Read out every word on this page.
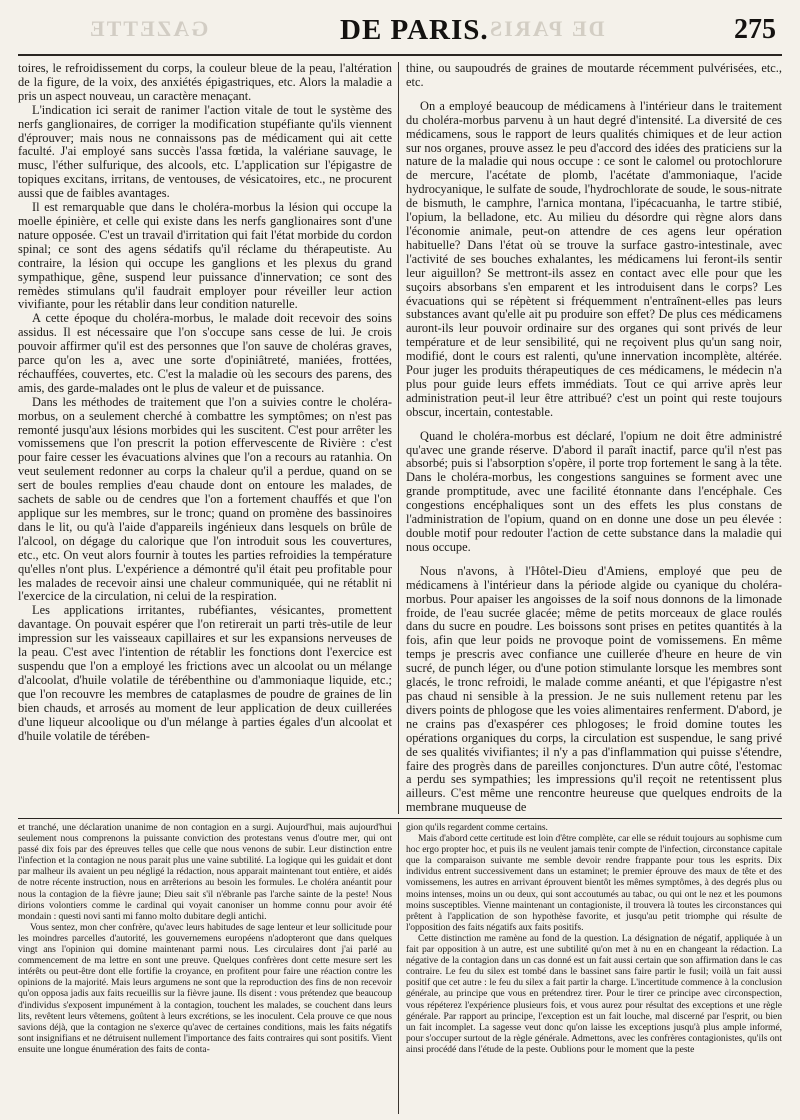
GAZETTE	DE PARIS. DE PARIS	275

toires, le refroidissement du corps, la couleur bleue de la peau, l'altération de la figure, de la voix, des anxiétés épigastriques, etc. Alors la maladie a pris un aspect nouveau, un caractère menaçant.

L'indication ici serait de ranimer l'action vitale de tout le système des nerfs ganglionaires, de corriger la modification stupéfiante qu'ils viennent d'éprouver; mais nous ne connaissons pas de médicament qui ait cette faculté. J'ai employé sans succès l'assa fœtida, la valériane sauvage, le musc, l'éther sulfurique, des alcools, etc. L'application sur l'épigastre de topiques excitans, irritans, de ventouses, de vésicatoires, etc., ne procurent aussi que de faibles avantages.

Il est remarquable que dans le choléra-morbus la lésion qui occupe la moelle épinière, et celle qui existe dans les nerfs ganglionaires sont d'une nature opposée. C'est un travail d'irritation qui fait l'état morbide du cordon spinal; ce sont des agens sédatifs qu'il réclame du thérapeutiste. Au contraire, la lésion qui occupe les ganglions et les plexus du grand sympathique, gêne, suspend leur puissance d'innervation; ce sont des remèdes stimulans qu'il faudrait employer pour réveiller leur action vivifiante, pour les rétablir dans leur condition naturelle.

A cette époque du choléra-morbus, le malade doit recevoir des soins assidus. Il est nécessaire que l'on s'occupe sans cesse de lui. Je crois pouvoir affirmer qu'il est des personnes que l'on sauve de choléras graves, parce qu'on les a, avec une sorte d'opiniâtreté, maniées, frottées, réchauffées, couvertes, etc. C'est la maladie où les secours des parens, des amis, des garde-malades ont le plus de valeur et de puissance.

Dans les méthodes de traitement que l'on a suivies contre le choléra-morbus, on a seulement cherché à combattre les symptômes; on n'est pas remonté jusqu'aux lésions morbides qui les suscitent. C'est pour arrêter les vomissemens que l'on prescrit la potion effervescente de Rivière : c'est pour faire cesser les évacuations alvines que l'on a recours au ratanhia. On veut seulement redonner au corps la chaleur qu'il a perdue, quand on se sert de boules remplies d'eau chaude dont on entoure les malades, de sachets de sable ou de cendres que l'on a fortement chauffés et que l'on applique sur les membres, sur le tronc; quand on promène des bassinoires dans le lit, ou qu'à l'aide d'appareils ingénieux dans lesquels on brûle de l'alcool, on dégage du calorique que l'on introduit sous les couvertures, etc., etc. On veut alors fournir à toutes les parties refroidies la température qu'elles n'ont plus. L'expérience a démontré qu'il était peu profitable pour les malades de recevoir ainsi une chaleur communiquée, qui ne rétablit ni l'exercice de la circulation, ni celui de la respiration.

Les applications irritantes, rubéfiantes, vésicantes, promettent davantage. On pouvait espérer que l'on retirerait un parti très-utile de leur impression sur les vaisseaux capillaires et sur les expansions nerveuses de la peau. C'est avec l'intention de rétablir les fonctions dont l'exercice est suspendu que l'on a employé les frictions avec un alcoolat ou un mélange d'alcoolat, d'huile volatile de térébenthine ou d'ammoniaque liquide, etc.; que l'on recouvre les membres de cataplasmes de poudre de graines de lin bien chauds, et arrosés au moment de leur application de deux cuillerées d'une liqueur alcoolique ou d'un mélange à parties égales d'un alcoolat et d'huile volatile de térében-

thine, ou saupoudrés de graines de moutarde récemment pulvérisées, etc., etc.

On a employé beaucoup de médicamens à l'intérieur dans le traitement du choléra-morbus parvenu à un haut degré d'intensité. La diversité de ces médicamens, sous le rapport de leurs qualités chimiques et de leur action sur nos organes, prouve assez le peu d'accord des idées des praticiens sur la nature de la maladie qui nous occupe : ce sont le calomel ou protochlorure de mercure, l'acétate de plomb, l'acétate d'ammoniaque, l'acide hydrocyanique, le sulfate de soude, l'hydrochlorate de soude, le sous-nitrate de bismuth, le camphre, l'arnica montana, l'ipécacuanha, le tartre stibié, l'opium, la belladone, etc. Au milieu du désordre qui règne alors dans l'économie animale, peut-on attendre de ces agens leur opération habituelle? Dans l'état où se trouve la surface gastro-intestinale, avec l'activité de ses bouches exhalantes, les médicamens lui feront-ils sentir leur aiguillon? Se mettront-ils assez en contact avec elle pour que les suçoirs absorbans s'en emparent et les introduisent dans le corps? Les évacuations qui se répètent si fréquemment n'entraînent-elles pas leurs substances avant qu'elle ait pu produire son effet? De plus ces médicamens auront-ils leur pouvoir ordinaire sur des organes qui sont privés de leur température et de leur sensibilité, qui ne reçoivent plus qu'un sang noir, modifié, dont le cours est ralenti, qu'une innervation incomplète, altérée. Pour juger les produits thérapeutiques de ces médicamens, le médecin n'a plus pour guide leurs effets immédiats. Tout ce qui arrive après leur administration peut-il leur être attribué? c'est un point qui reste toujours obscur, incertain, contestable.

Quand le choléra-morbus est déclaré, l'opium ne doit être administré qu'avec une grande réserve. D'abord il paraît inactif, parce qu'il n'est pas absorbé; puis si l'absorption s'opère, il porte trop fortement le sang à la tête. Dans le choléra-morbus, les congestions sanguines se forment avec une grande promptitude, avec une facilité étonnante dans l'encéphale. Ces congestions encéphaliques sont un des effets les plus constans de l'administration de l'opium, quand on en donne une dose un peu élevée : double motif pour redouter l'action de cette substance dans la maladie qui nous occupe.

Nous n'avons, à l'Hôtel-Dieu d'Amiens, employé que peu de médicamens à l'intérieur dans la période algide ou cyanique du choléra-morbus. Pour apaiser les angoisses de la soif nous donnons de la limonade froide, de l'eau sucrée glacée; même de petits morceaux de glace roulés dans du sucre en poudre. Les boissons sont prises en petites quantités à la fois, afin que leur poids ne provoque point de vomissemens. En même temps je prescris avec confiance une cuillerée d'heure en heure de vin sucré, de punch léger, ou d'une potion stimulante lorsque les membres sont glacés, le tronc refroidi, le malade comme anéanti, et que l'épigastre n'est pas chaud ni sensible à la pression. Je ne suis nullement retenu par les divers points de phlogose que les voies alimentaires renferment. D'abord, je ne crains pas d'exaspérer ces phlogoses; le froid domine toutes les opérations organiques du corps, la circulation est suspendue, le sang privé de ses qualités vivifiantes; il n'y a pas d'inflammation qui puisse s'étendre, faire des progrès dans de pareilles conjonctures. D'un autre côté, l'estomac a perdu ses sympathies; les impressions qu'il reçoit ne retentissent plus ailleurs. C'est même une rencontre heureuse que quelques endroits de la membrane muqueuse de

et tranché, une déclaration unanime de non contagion en a surgi. Aujourd'hui, mais aujourd'hui seulement nous comprenons la puissante conviction des protestans venus d'outre mer, qui ont passé dix fois par des épreuves telles que celle que nous venons de subir. Leur distinction entre l'infection et la contagion ne nous parait plus une vaine subtilité. La logique qui les guidait et dont par malheur ils avaient un peu négligé la rédaction, nous apparait maintenant tout entière, et aidés de notre récente instruction, nous en arrêterions au besoin les formules. Le choléra anéantit pour nous la contagion de la fièvre jaune; Dieu sait s'il n'ébranle pas l'arche sainte de la peste! Nous dirions volontiers comme le cardinal qui voyait canoniser un homme connu pour avoir été mondain : questi novi santi mi fanno molto dubitare degli antichi.

Vous sentez, mon cher confrère, qu'avec leurs habitudes de sage lenteur et leur sollicitude pour les moindres parcelles d'autorité, les gouvernemens européens n'adopteront que dans quelques vingt ans l'opinion qui domine maintenant parmi nous. Les circulaires dont j'ai parlé au commencement de ma lettre en sont une preuve. Quelques confrères dont cette mesure sert les intérêts ou peut-être dont elle fortifie la croyance, en profitent pour faire une réaction contre les opinions de la majorité. Mais leurs argumens ne sont que la reproduction des fins de non recevoir qu'on opposa jadis aux faits recueillis sur la fièvre jaune. Ils disent : vous prétendez que beaucoup d'individus s'exposent impunément à la contagion, touchent les malades, se couchent dans leurs lits, revêtent leurs vêtemens, goûtent à leurs excrétions, se les inoculent. Cela prouve ce que nous savions déjà, que la contagion ne s'exerce qu'avec de certaines conditions, mais les faits négatifs sont insignifians et ne détruisent nullement l'importance des faits contraires qui sont positifs. Vient ensuite une longue énumération des faits de conta-

gion qu'ils regardent comme certains.

Mais d'abord cette certitude est loin d'être complète, car elle se réduit toujours au sophisme cum hoc ergo propter hoc, et puis ils ne veulent jamais tenir compte de l'infection, circonstance capitale que la comparaison suivante me semble devoir rendre frappante pour tous les esprits. Dix individus entrent successivement dans un estaminet; le premier éprouve des maux de tête et des vomissemens, les autres en arrivant éprouvent bientôt les mêmes symptômes, à des degrés plus ou moins intenses, moins un ou deux, qui sont accoutumés au tabac, ou qui ont le nez et les poumons moins susceptibles. Vienne maintenant un contagioniste, il trouvera là toutes les circonstances qui prêtent à l'application de son hypothèse favorite, et jusqu'au petit triomphe qui résulte de l'opposition des faits négatifs aux faits positifs.

Cette distinction me ramène au fond de la question. La désignation de négatif, appliquée à un fait par opposition à un autre, est une subtilité qu'on met à nu en en changeant la rédaction. La négative de la contagion dans un cas donné est un fait aussi certain que son affirmation dans le cas contraire. Le feu du silex est tombé dans le bassinet sans faire partir le fusil; voilà un fait aussi positif que cet autre : le feu du silex a fait partir la charge. L'incertitude commence à la conclusion générale, au principe que vous en prétendrez tirer. Pour le tirer ce principe avec circonspection, vous répéterez l'expérience plusieurs fois, et vous aurez pour résultat des exceptions et une règle générale. Par rapport au principe, l'exception est un fait louche, mal discerné par l'esprit, ou bien un fait incomplet. La sagesse veut donc qu'on laisse les exceptions jusqu'à plus ample informé, pour s'occuper surtout de la règle générale. Admettons, avec les confrères contagionistes, qu'ils ont ainsi procédé dans l'étude de la peste. Oublions pour le moment que la peste
